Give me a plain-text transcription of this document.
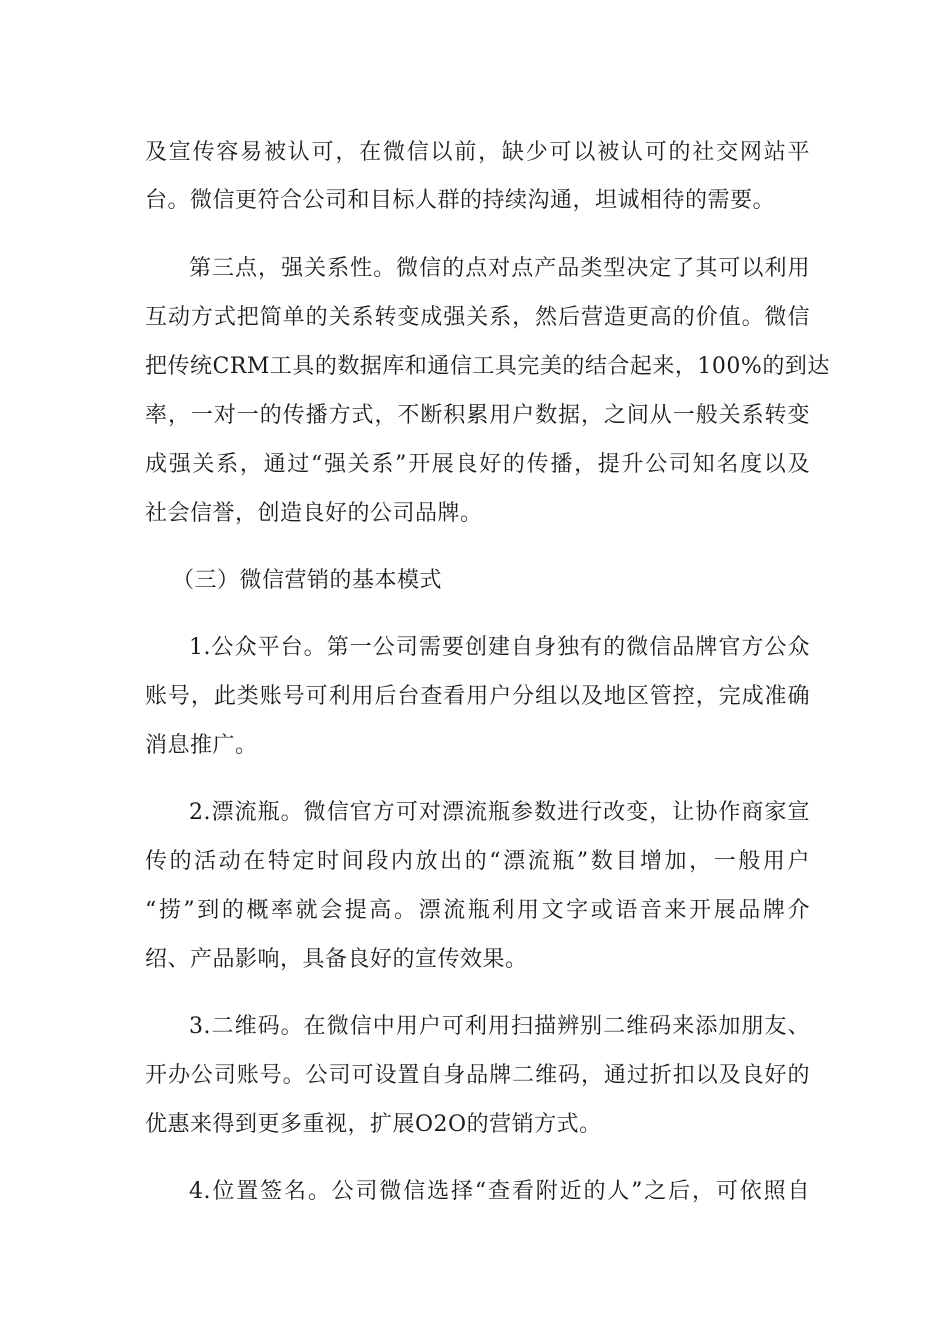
及宣传容易被认可，在微信以前，缺少可以被认可的社交网站平
台。微信更符合公司和目标人群的持续沟通，坦诚相待的需要。
第三点，强关系性。微信的点对点产品类型决定了其可以利用
互动方式把简单的关系转变成强关系，然后营造更高的价值。微信
把传统CRM工具的数据库和通信工具完美的结合起来，100%的到达
率，一对一的传播方式，不断积累用户数据，之间从一般关系转变
成强关系，通过“强关系”开展良好的传播，提升公司知名度以及
社会信誉，创造良好的公司品牌。
（三）微信营销的基本模式
1.公众平台。第一公司需要创建自身独有的微信品牌官方公众
账号，此类账号可利用后台查看用户分组以及地区管控，完成准确
消息推广。
2.漂流瓶。微信官方可对漂流瓶参数进行改变，让协作商家宣
传的活动在特定时间段内放出的“漂流瓶”数目增加，一般用户
“捞”到的概率就会提高。漂流瓶利用文字或语音来开展品牌介
绍、产品影响，具备良好的宣传效果。
3.二维码。在微信中用户可利用扫描辨别二维码来添加朋友、
开办公司账号。公司可设置自身品牌二维码，通过折扣以及良好的
优惠来得到更多重视，扩展O2O的营销方式。
4.位置签名。公司微信选择“查看附近的人”之后，可依照自
